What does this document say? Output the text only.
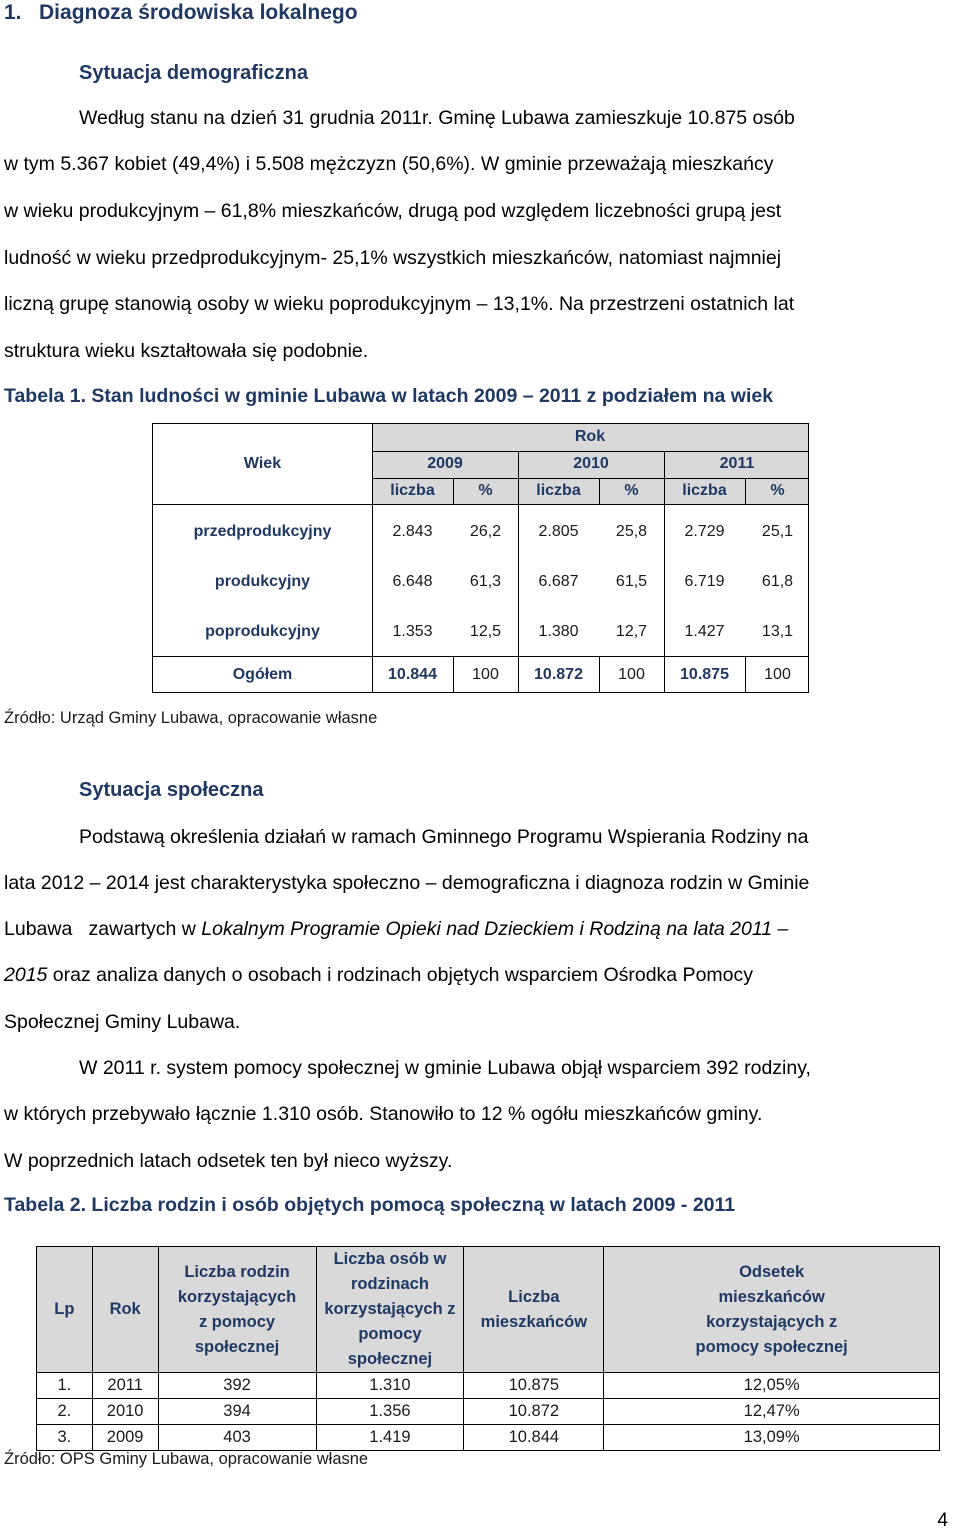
1.   Diagnoza środowiska lokalnego
Sytuacja demograficzna
Według stanu na dzień 31 grudnia 2011r. Gminę Lubawa zamieszkuje 10.875 osób
w tym 5.367 kobiet (49,4%) i 5.508 mężczyzn (50,6%). W gminie przeważają mieszkańcy
w wieku produkcyjnym – 61,8% mieszkańców, drugą pod względem liczebności grupą jest
ludność w wieku przedprodukcyjnym- 25,1% wszystkich mieszkańców, natomiast najmniej
liczną grupę stanowią osoby w wieku poprodukcyjnym – 13,1%. Na przestrzeni ostatnich lat
struktura wieku kształtowała się podobnie.
Tabela 1. Stan ludności w gminie Lubawa w latach 2009 – 2011 z podziałem na wiek
Wiek
Rok
2009	2010	2011
liczba	%	liczba	%	liczba	%
przedprodukcyjny	2.843	26,2	2.805	25,8	2.729	25,1
produkcyjny	6.648	61,3	6.687	61,5	6.719	61,8
poprodukcyjny	1.353	12,5	1.380	12,7	1.427	13,1
Ogółem	10.844	100	10.872	100	10.875	100
Źródło: Urząd Gminy Lubawa, opracowanie własne
Sytuacja społeczna
Podstawą określenia działań w ramach Gminnego Programu Wspierania Rodziny na
lata 2012 – 2014 jest charakterystyka społeczno – demograficzna i diagnoza rodzin w Gminie
Lubawa   zawartych w Lokalnym Programie Opieki nad Dzieckiem i Rodziną na lata 2011 –
2015 oraz analiza danych o osobach i rodzinach objętych wsparciem Ośrodka Pomocy
Społecznej Gminy Lubawa.
W 2011 r. system pomocy społecznej w gminie Lubawa objął wsparciem 392 rodziny,
w których przebywało łącznie 1.310 osób. Stanowiło to 12 % ogółu mieszkańców gminy.
W poprzednich latach odsetek ten był nieco wyższy.
Tabela 2. Liczba rodzin i osób objętych pomocą społeczną w latach 2009 - 2011
Lp	Rok	Liczba rodzin korzystających z pomocy społecznej	Liczba osób w rodzinach korzystających z pomocy społecznej	Liczba mieszkańców	Odsetek mieszkańców korzystających z pomocy społecznej
1.	2011	392	1.310	10.875	12,05%
2.	2010	394	1.356	10.872	12,47%
3.	2009	403	1.419	10.844	13,09%
Źródło: OPS Gminy Lubawa, opracowanie własne
4
